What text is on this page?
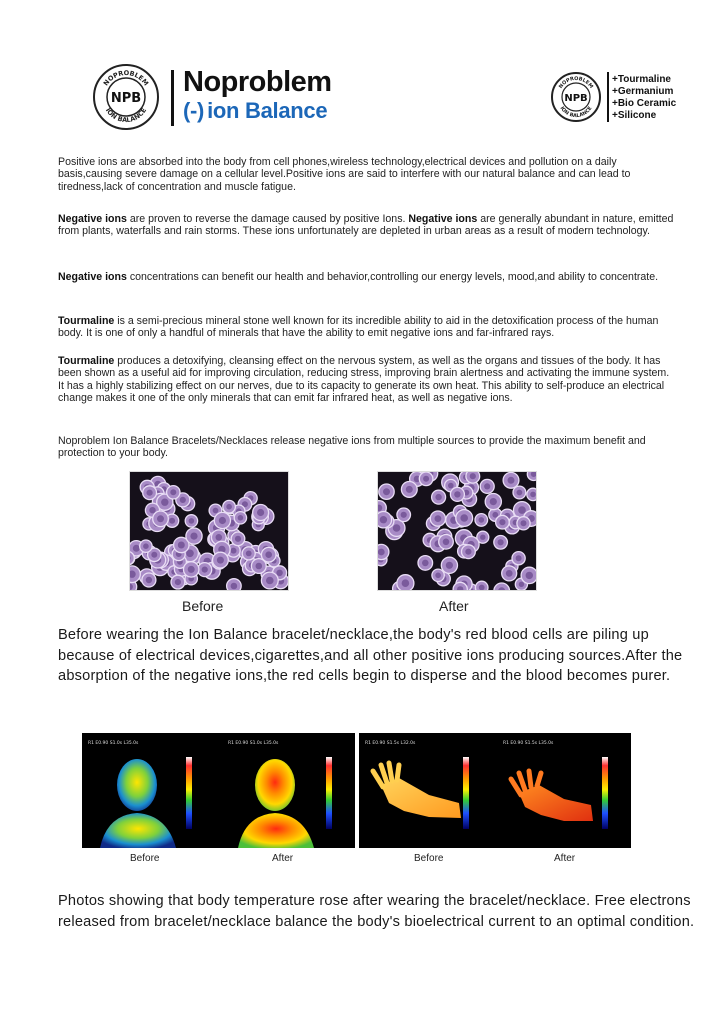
NOPROBLEM
ION BALANCE
NPB
Noproblem
(-) ion Balance
NOPROBLEM
ION BALANCE
NPB
+Tourmaline
+Germanium
+Bio Ceramic
+Silicone

Positive ions are absorbed into the body from cell phones,wireless technology,electrical devices and pollution on a daily basis,causing severe damage on a cellular level.Positive ions are said to interfere with our natural balance and can lead to tiredness,lack of concentration and muscle fatigue.

Negative ions are proven to reverse the damage caused by positive Ions. Negative ions are generally abundant in nature, emitted from plants, waterfalls and rain storms. These ions unfortunately are depleted in urban areas as a result of modern technology.

Negative ions concentrations can benefit our health and behavior,controlling our energy levels, mood,and ability to concentrate.

Tourmaline is a semi-precious mineral stone well known for its incredible ability to aid in the detoxification process of the human body. It is one of only a handful of minerals that have the ability to emit negative ions and far-infrared rays.

Tourmaline produces a detoxifying, cleansing effect on the nervous system, as well as the organs and tissues of the body. It has been shown as a useful aid for improving circulation, reducing stress, improving brain alertness and activating the immune system. It has a highly stabilizing effect on our nerves, due to its capacity to generate its own heat. This ability to self-produce an electrical change makes it one of the only minerals that can emit far infrared heat, as well as negative ions.

Noproblem Ion Balance Bracelets/Necklaces release negative ions from multiple sources to provide the maximum benefit and protection to your body.

Before	After

Before wearing the Ion Balance bracelet/necklace,the body's red blood cells are piling up because of electrical devices,cigarettes,and all other positive ions producing sources.After the absorption of the negative ions,the red cells begin to disperse and the blood becomes purer.

R1 E0.90 S1.0s L35.0s	R1 E0.90 S1.0s L35.0s	R1 E0.90 S1.5s L32.0s	R1 E0.90 S1.5s L35.0s
Before	After	Before	After

Photos showing that body temperature rose after wearing the bracelet/necklace. Free electrons released from bracelet/necklace balance the body's bioelectrical current to an optimal condition.
